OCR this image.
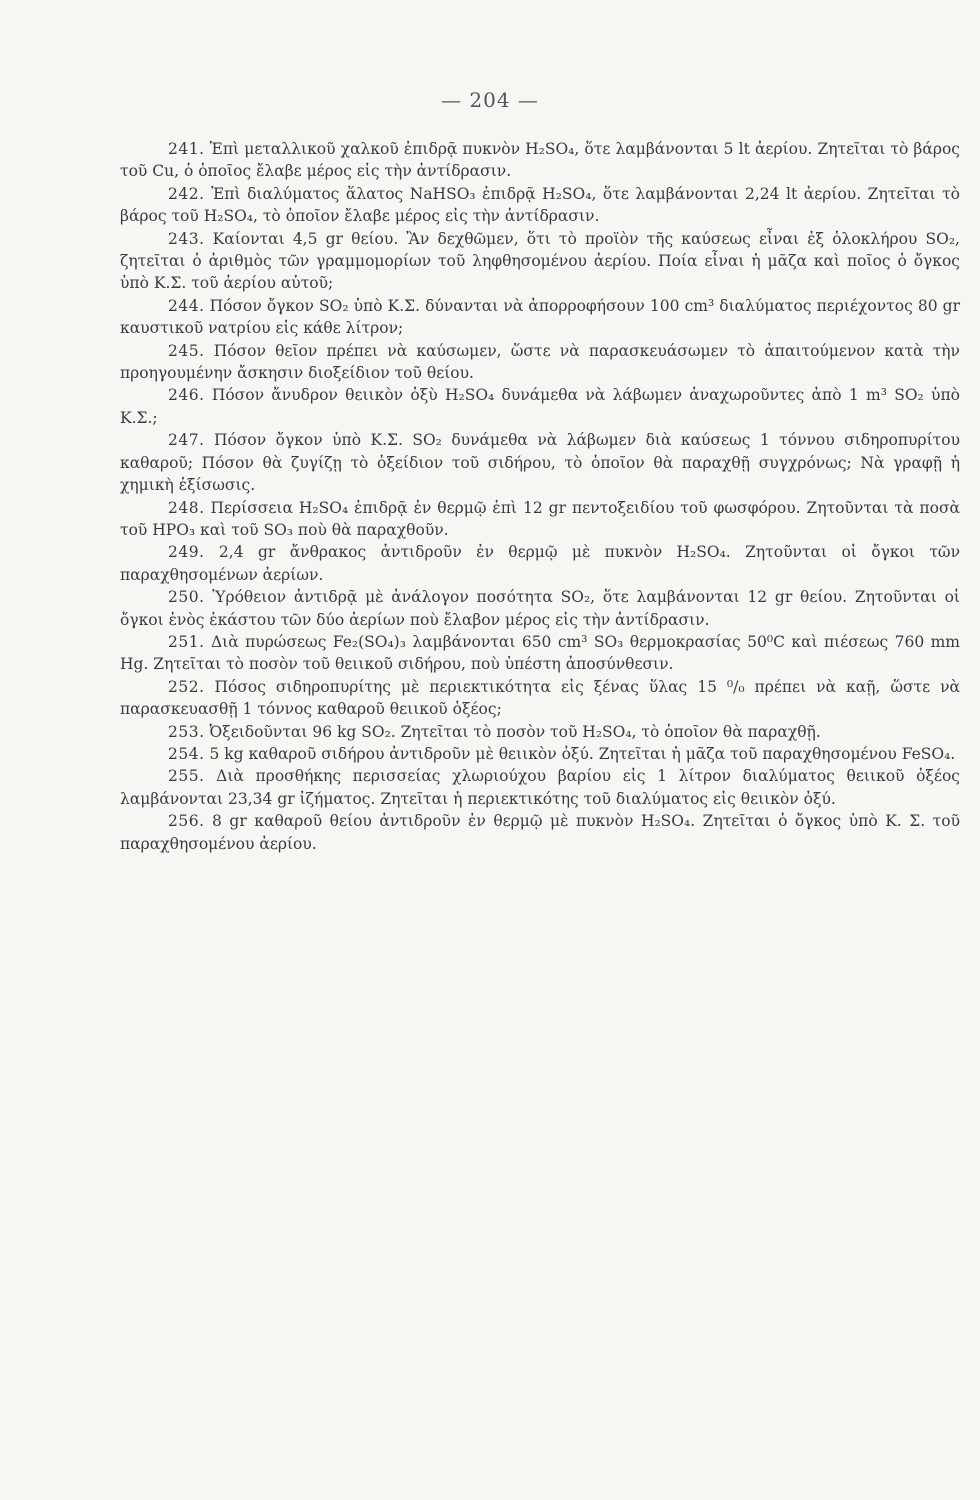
— 204 —

241. Ἐπὶ μεταλλικοῦ χαλκοῦ ἐπιδρᾷ πυκνὸν H₂SO₄, ὅτε λαμβάνονται 5 lt ἀερίου. Ζητεῖται τὸ βάρος τοῦ Cu, ὁ ὁποῖος ἔλαβε μέρος εἰς τὴν ἀντίδρασιν.

242. Ἐπὶ διαλύματος ἅλατος NaHSO₃ ἐπιδρᾷ H₂SO₄, ὅτε λαμβάνονται 2,24 lt ἀερίου. Ζητεῖται τὸ βάρος τοῦ H₂SO₄, τὸ ὁποῖον ἔλαβε μέρος εἰς τὴν ἀντίδρασιν.

243. Καίονται 4,5 gr θείου. Ἂν δεχθῶμεν, ὅτι τὸ προϊὸν τῆς καύσεως εἶναι ἐξ ὁλοκλήρου SO₂, ζητεῖται ὁ ἀριθμὸς τῶν γραμμομορίων τοῦ ληφθησομένου ἀερίου. Ποία εἶναι ἡ μᾶζα καὶ ποῖος ὁ ὄγκος ὑπὸ Κ.Σ. τοῦ ἀερίου αὐτοῦ;

244. Πόσον ὄγκον SO₂ ὑπὸ Κ.Σ. δύνανται νὰ ἀπορροφήσουν 100 cm³ διαλύματος περιέχοντος 80 gr καυστικοῦ νατρίου εἰς κάθε λίτρον;

245. Πόσον θεῖον πρέπει νὰ καύσωμεν, ὥστε νὰ παρασκευάσωμεν τὸ ἀπαιτούμενον κατὰ τὴν προηγουμένην ἄσκησιν διοξείδιον τοῦ θείου.

246. Πόσον ἄνυδρον θειικὸν ὀξὺ H₂SO₄ δυνάμεθα νὰ λάβωμεν ἀναχωροῦντες ἀπὸ 1 m³ SO₂ ὑπὸ Κ.Σ.;

247. Πόσον ὄγκον ὑπὸ Κ.Σ. SO₂ δυνάμεθα νὰ λάβωμεν διὰ καύσεως 1 τόννου σιδηροπυρίτου καθαροῦ; Πόσον θὰ ζυγίζῃ τὸ ὀξείδιον τοῦ σιδήρου, τὸ ὁποῖον θὰ παραχθῇ συγχρόνως; Νὰ γραφῇ ἡ χημικὴ ἐξίσωσις.

248. Περίσσεια H₂SO₄ ἐπιδρᾷ ἐν θερμῷ ἐπὶ 12 gr πεντοξειδίου τοῦ φωσφόρου. Ζητοῦνται τὰ ποσὰ τοῦ HPO₃ καὶ τοῦ SO₃ ποὺ θὰ παραχθοῦν.

249. 2,4 gr ἄνθρακος ἀντιδροῦν ἐν θερμῷ μὲ πυκνὸν H₂SO₄. Ζητοῦνται οἱ ὄγκοι τῶν παραχθησομένων ἀερίων.

250. Ὑρόθειον ἀντιδρᾷ μὲ ἀνάλογον ποσότητα SO₂, ὅτε λαμβάνονται 12 gr θείου. Ζητοῦνται οἱ ὄγκοι ἑνὸς ἑκάστου τῶν δύο ἀερίων ποὺ ἔλαβον μέρος εἰς τὴν ἀντίδρασιν.

251. Διὰ πυρώσεως Fe₂(SO₄)₃ λαμβάνονται 650 cm³ SO₃ θερμοκρασίας 50⁰C καὶ πιέσεως 760 mm Hg. Ζητεῖται τὸ ποσὸν τοῦ θειικοῦ σιδήρου, ποὺ ὑπέστη ἀποσύνθεσιν.

252. Πόσος σιδηροπυρίτης μὲ περιεκτικότητα εἰς ξένας ὕλας 15 ⁰/₀ πρέπει νὰ καῇ, ὥστε νὰ παρασκευασθῇ 1 τόννος καθαροῦ θειικοῦ ὀξέος;

253. Ὀξειδοῦνται 96 kg SO₂. Ζητεῖται τὸ ποσὸν τοῦ H₂SO₄, τὸ ὁποῖον θὰ παραχθῇ.

254. 5 kg καθαροῦ σιδήρου ἀντιδροῦν μὲ θειικὸν ὀξύ. Ζητεῖται ἡ μᾶζα τοῦ παραχθησομένου FeSO₄.

255. Διὰ προσθήκης περισσείας χλωριούχου βαρίου εἰς 1 λίτρον διαλύματος θειικοῦ ὀξέος λαμβάνονται 23,34 gr ἰζήματος. Ζητεῖται ἡ περιεκτικότης τοῦ διαλύματος εἰς θειικὸν ὀξύ.

256. 8 gr καθαροῦ θείου ἀντιδροῦν ἐν θερμῷ μὲ πυκνὸν H₂SO₄. Ζητεῖται ὁ ὄγκος ὑπὸ Κ. Σ. τοῦ παραχθησομένου ἀερίου.
